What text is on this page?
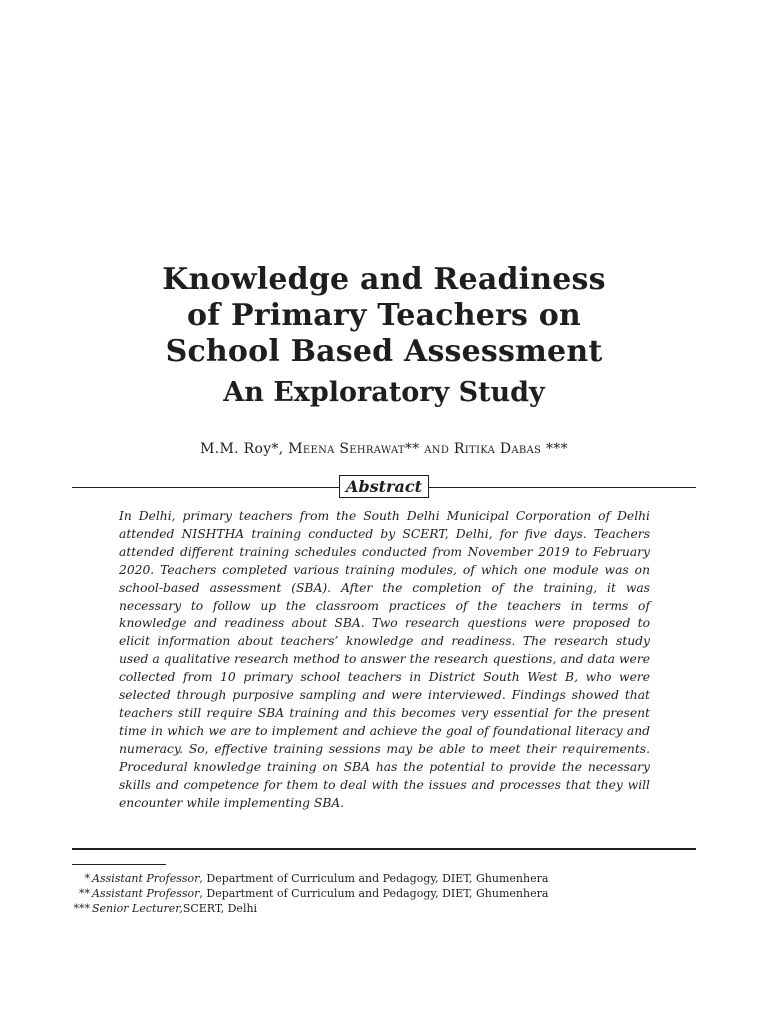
Knowledge and Readiness
of Primary Teachers on
School Based Assessment
An Exploratory Study
M.M. Roy*, Meena Sehrawat** and Ritika Dabas ***
Abstract

In Delhi, primary teachers from the South Delhi Municipal Corporation of Delhi attended NISHTHA training conducted by SCERT, Delhi, for five days. Teachers attended different training schedules conducted from November 2019 to February 2020. Teachers completed various training modules, of which one module was on school-based assessment (SBA). After the completion of the training, it was necessary to follow up the classroom practices of the teachers in terms of knowledge and readiness about SBA. Two research questions were proposed to elicit information about teachers’ knowledge and readiness. The research study used a qualitative research method to answer the research questions, and data were collected from 10 primary school teachers in District South West B, who were selected through purposive sampling and were interviewed. Findings showed that teachers still require SBA training and this becomes very essential for the present time in which we are to implement and achieve the goal of foundational literacy and numeracy. So, effective training sessions may be able to meet their requirements. Procedural knowledge training on SBA has the potential to provide the necessary skills and competence for them to deal with the issues and processes that they will encounter while implementing SBA.

* Assistant Professor , Department of Curriculum and Pedagogy, DIET, Ghumenhera
** Assistant Professor , Department of Curriculum and Pedagogy, DIET, Ghumenhera
*** Senior Lecturer, SCERT, Delhi
